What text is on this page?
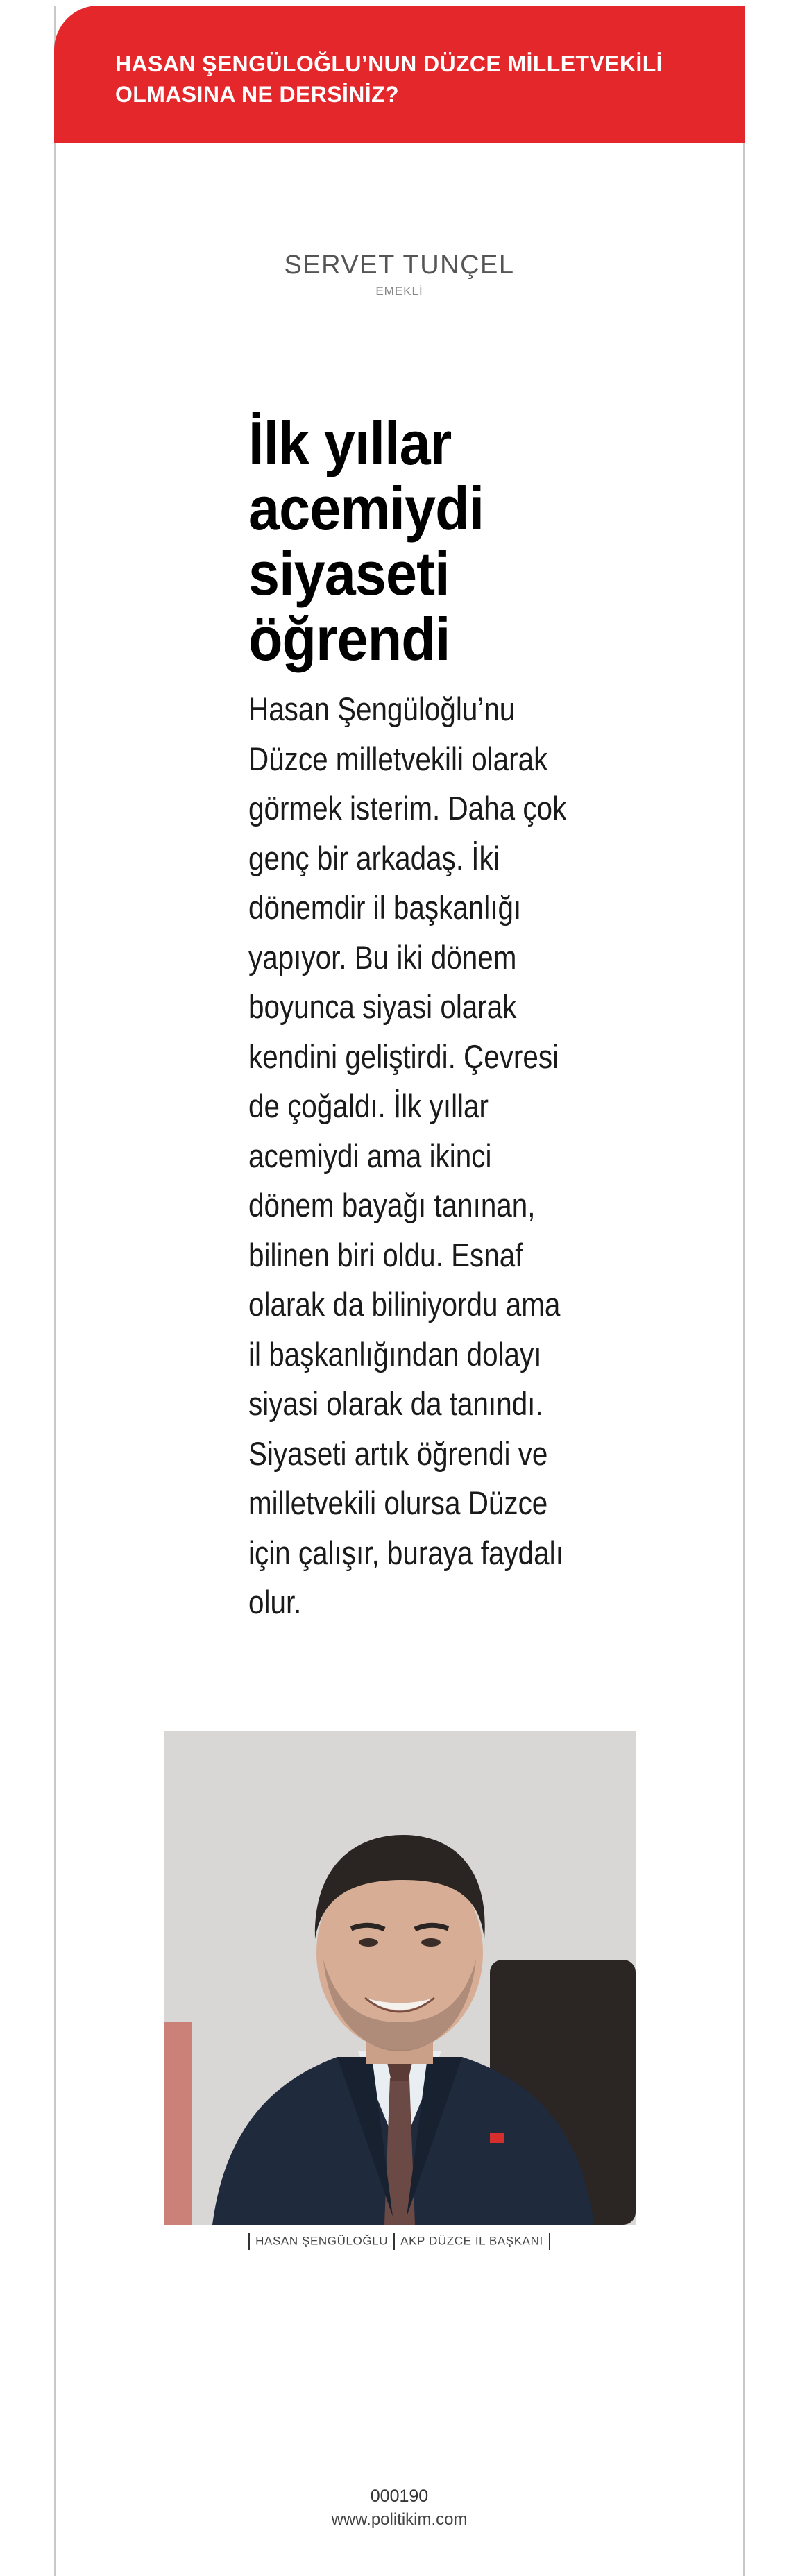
HASAN ŞENGÜLOĞLU’NUN DÜZCE MİLLETVEKİLİ OLMASINA NE DERSİNİZ?
SERVET TUNÇEL
EMEKLİ
İlk yıllar acemiydi siyaseti öğrendi

Hasan Şengüloğlu’nu Düzce milletvekili olarak görmek isterim. Daha çok genç bir arkadaş. İki dönemdir il başkanlığı yapıyor. Bu iki dönem boyunca siyasi olarak kendini geliştirdi. Çevresi de çoğaldı. İlk yıllar acemiydi ama ikinci dönem bayağı tanınan, bilinen biri oldu. Esnaf olarak da biliniyordu ama il başkanlığından dolayı siyasi olarak da tanındı. Siyaseti artık öğrendi ve milletvekili olursa Düzce için çalışır, buraya faydalı olur.

HASAN ŞENGÜLOĞLU AKP DÜZCE İL BAŞKANI
000190
www.politikim.com
